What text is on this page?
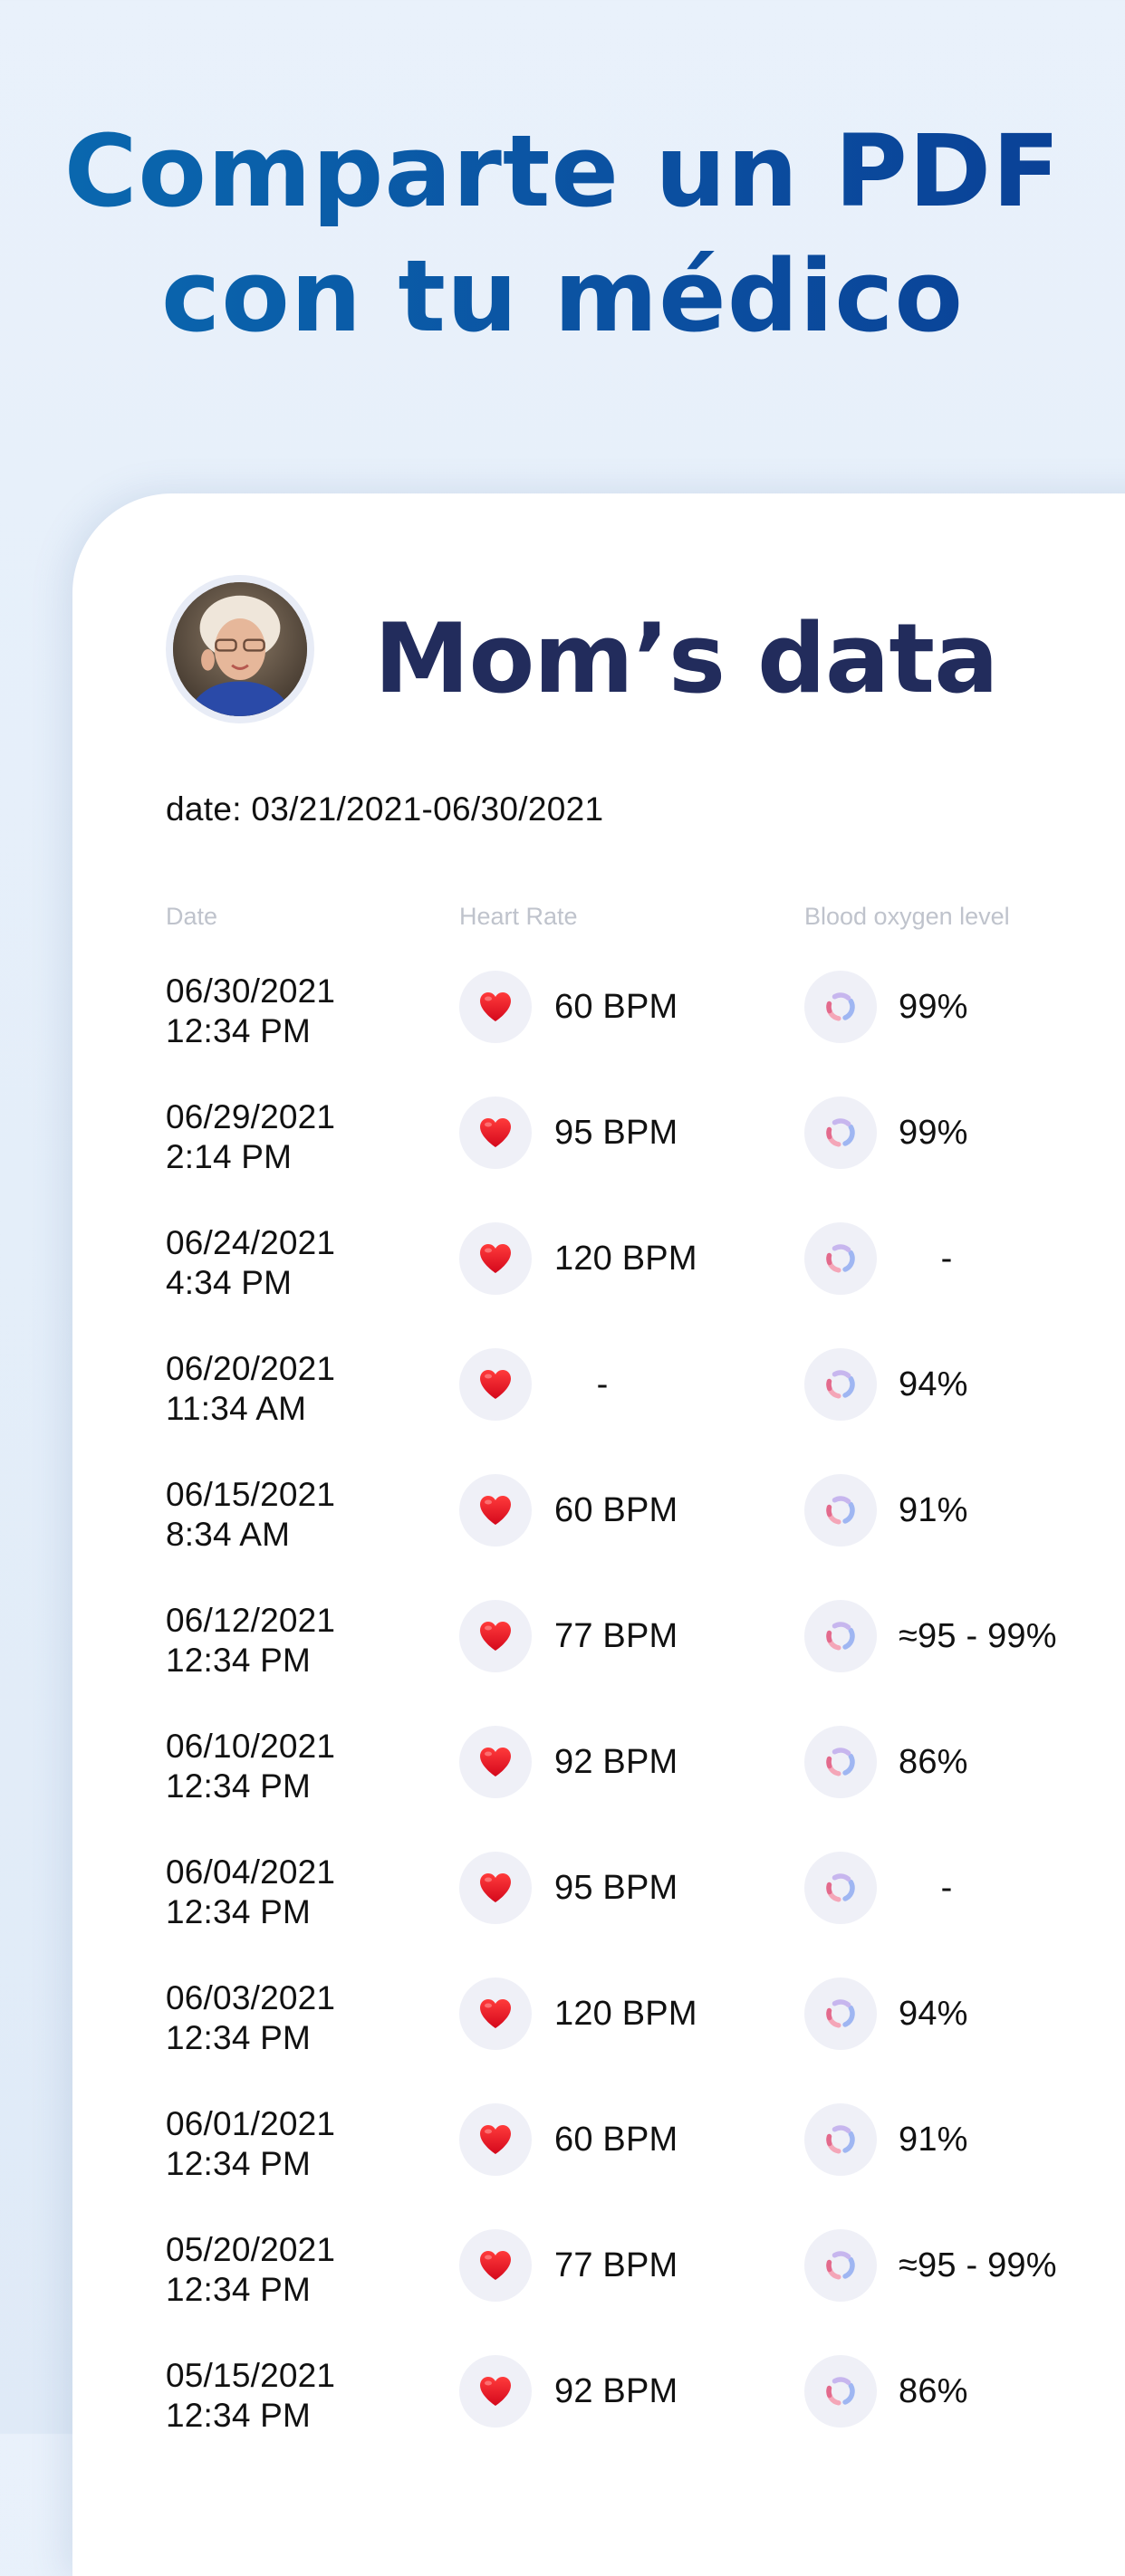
Comparte un PDF
con tu médico
Mom’s data
date: 03/21/2021-06/30/2021
Date	Heart Rate	Blood oxygen level
06/30/2021
12:34 PM
60 BPM	99%
06/29/2021
2:14 PM
95 BPM	99%
06/24/2021
4:34 PM
120 BPM	-
06/20/2021
11:34 AM
-	94%
06/15/2021
8:34 AM
60 BPM	91%
06/12/2021
12:34 PM
77 BPM	≈95 - 99%
06/10/2021
12:34 PM
92 BPM	86%
06/04/2021
12:34 PM
95 BPM	-
06/03/2021
12:34 PM
120 BPM	94%
06/01/2021
12:34 PM
60 BPM	91%
05/20/2021
12:34 PM
77 BPM	≈95 - 99%
05/15/2021
12:34 PM
92 BPM	86%
